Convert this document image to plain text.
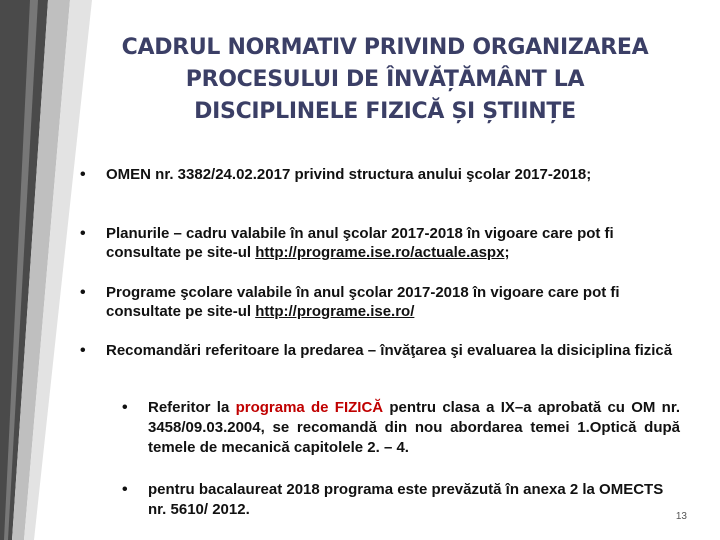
CADRUL NORMATIV PRIVIND ORGANIZAREA
PROCESULUI DE ÎNVĂȚĂMÂNT LA
DISCIPLINELE FIZICĂ ȘI ȘTIINȚE
• OMEN nr. 3382/24.02.2017 privind structura anului şcolar 2017-2018;
• Planurile – cadru valabile în anul şcolar 2017-2018 în vigoare care pot fi consultate pe site-ul http://programe.ise.ro/actuale.aspx;
• Programe şcolare valabile în anul şcolar 2017-2018 în vigoare care pot fi consultate pe site-ul http://programe.ise.ro/
• Recomandări referitoare la predarea – învăţarea şi evaluarea la disiciplina fizică
• Referitor la programa de FIZICĂ pentru clasa a IX–a aprobată cu OM nr. 3458/09.03.2004, se recomandă din nou abordarea temei 1.Optică după temele de mecanică capitolele 2. – 4.
• pentru bacalaureat 2018 programa este prevăzută în anexa 2 la OMECTS nr. 5610/ 2012.	13
